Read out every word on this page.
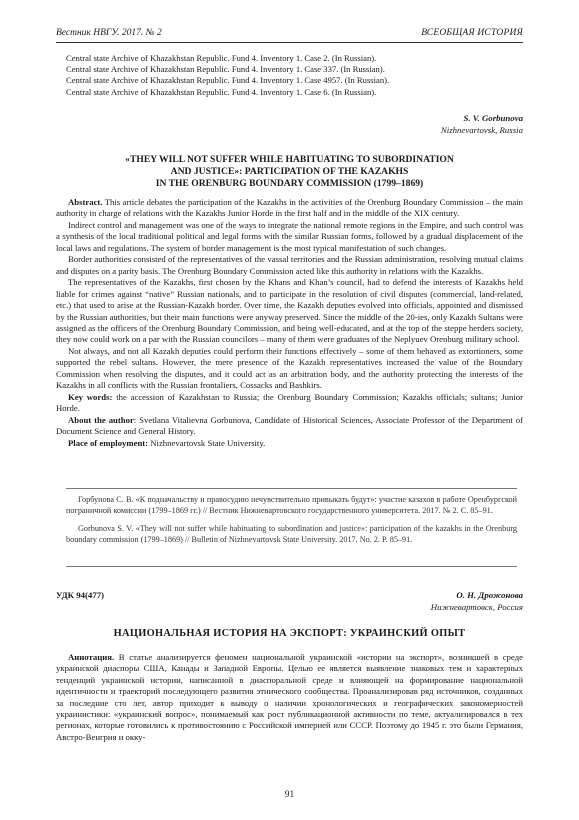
Вестник НВГУ. 2017. № 2	ВСЕОБЩАЯ ИСТОРИЯ
Central state Archive of Khazakhstan Republic. Fund 4. Inventory 1. Case 2. (In Russian).
Central state Archive of Khazakhstan Republic. Fund 4. Inventory 1. Case 337. (In Russian).
Central state Archive of Khazakhstan Republic. Fund 4. Inventory 1. Case 4957. (In Russian).
Central state Archive of Khazakhstan Republic. Fund 4. Inventory 1. Case 6. (In Russian).
S. V. Gorbunova
Nizhnevartovsk, Russia
«THEY WILL NOT SUFFER WHILE HABITUATING TO SUBORDINATION
AND JUSTICE»: PARTICIPATION OF THE KAZAKHS
IN THE ORENBURG BOUNDARY COMMISSION (1799–1869)

Abstract. This article debates the participation of the Kazakhs in the activities of the Orenburg Boundary Commission – the main authority in charge of relations with the Kazakhs Junior Horde in the first half and in the middle of the XIX century.

Indirect control and management was one of the ways to integrate the national remote regions in the Empire, and such control was a synthesis of the local traditional political and legal forms with the similar Russian forms, followed by a gradual displacement of the local laws and regulations. The system of border management is the most typical manifestation of such changes.

Border authorities consisted of the representatives of the vassal territories and the Russian administration, resolving mutual claims and disputes on a parity basis. The Orenburg Boundary Commission acted like this authority in relations with the Kazakhs.

The representatives of the Kazakhs, first chosen by the Khans and Khan’s council, had to defend the interests of Kazakhs held liable for crimes against “native” Russian nationals, and to participate in the resolution of civil disputes (commercial, land-related, etc.) that used to arise at the Russian-Kazakh border. Over time, the Kazakh deputies evolved into officials, appointed and dismissed by the Russian authorities, but their main functions were anyway preserved. Since the middle of the 20-ies, only Kazakh Sultans were assigned as the officers of the Orenburg Boundary Commission, and being well-educated, and at the top of the steppe herders society, they now could work on a par with the Russian councilors – many of them were graduates of the Neplyuev Orenburg military school.

Not always, and not all Kazakh deputies could perform their functions effectively – some of them behaved as extortioners, some supported the rebel sultans. However, the mere presence of the Kazakh representatives increased the value of the Boundary Commission when resolving the disputes, and it could act as an arbitration body, and the authority protecting the interests of the Kazakhs in all conflicts with the Russian frontaliers, Cossacks and Bashkirs.

Key words: the accession of Kazakhstan to Russia; the Orenburg Boundary Commission; Kazakhs officials; sultans; Junior Horde.

About the author: Svetlana Vitalievna Gorbunova, Candidate of Historical Sciences, Associate Professor of the Department of Document Science and General History.

Place of employment: Nizhnevartovsk State University.

Горбунова С. В. «К подначальству и правосудию нечувствительно привыкать будут»: участие казахов в работе Оренбургской пограничной комиссии (1799–1869 гг.) // Вестник Нижневартовского государственного университета. 2017. № 2. С. 85–91.

Gorbunova S. V. «They will not suffer while habituating to subordination and justice»: participation of the kazakhs in the Orenburg boundary commission (1799–1869) // Bulletin of Nizhnevartovsk State University. 2017. No. 2. P. 85–91.

УДК 94(477)	О. Н. Дрожонова
Нижневартовск, Россия
НАЦИОНАЛЬНАЯ ИСТОРИЯ НА ЭКСПОРТ: УКРАИНСКИЙ ОПЫТ

Аннотация. В статье анализируется феномен национальной украинской «истории на экспорт», возникшей в среде украинской диаспоры США, Канады и Западной Европы. Целью ее является выявление знаковых тем и характерных тенденций украинской истории, написанной в диаспоральной среде и влияющей на формирование национальной идентичности и траекторий последующего развития этнического сообщества. Проанализировав ряд источников, созданных за последние сто лет, автор приходит к выводу о наличии хронологических и географических закономерностей украинистики: «украинский вопрос», понимаемый как рост публикационной активности по теме, актуализировался в тех регионах, которые готовились к противостоянию с Российской империей или СССР. Поэтому до 1945 г. это были Германия, Австро-Венгрия и окку-

91
